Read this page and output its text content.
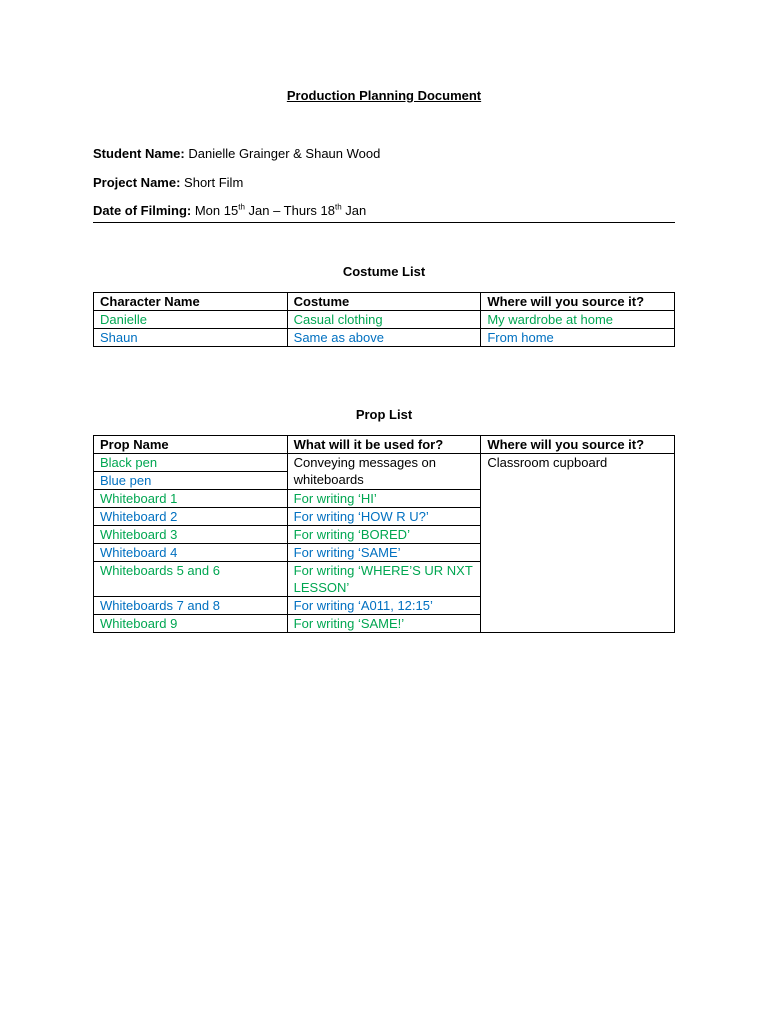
Production Planning Document
Student Name: Danielle Grainger & Shaun Wood
Project Name: Short Film
Date of Filming: Mon 15th Jan – Thurs 18th Jan
Costume List
Character Name	Costume	Where will you source it?
Danielle	Casual clothing	My wardrobe at home
Shaun	Same as above	From home
Prop List
Prop Name	What will it be used for?	Where will you source it?
Black pen	Conveying messages on whiteboards	Classroom cupboard
Blue pen		
Whiteboard 1	For writing ‘HI’	
Whiteboard 2	For writing ‘HOW R U?’	
Whiteboard 3	For writing ‘BORED’	
Whiteboard 4	For writing ‘SAME’	
Whiteboards 5 and 6	For writing ‘WHERE’S UR NXT LESSON’	
Whiteboards 7 and 8	For writing ‘A011, 12:15’	
Whiteboard 9	For writing ‘SAME!’	
